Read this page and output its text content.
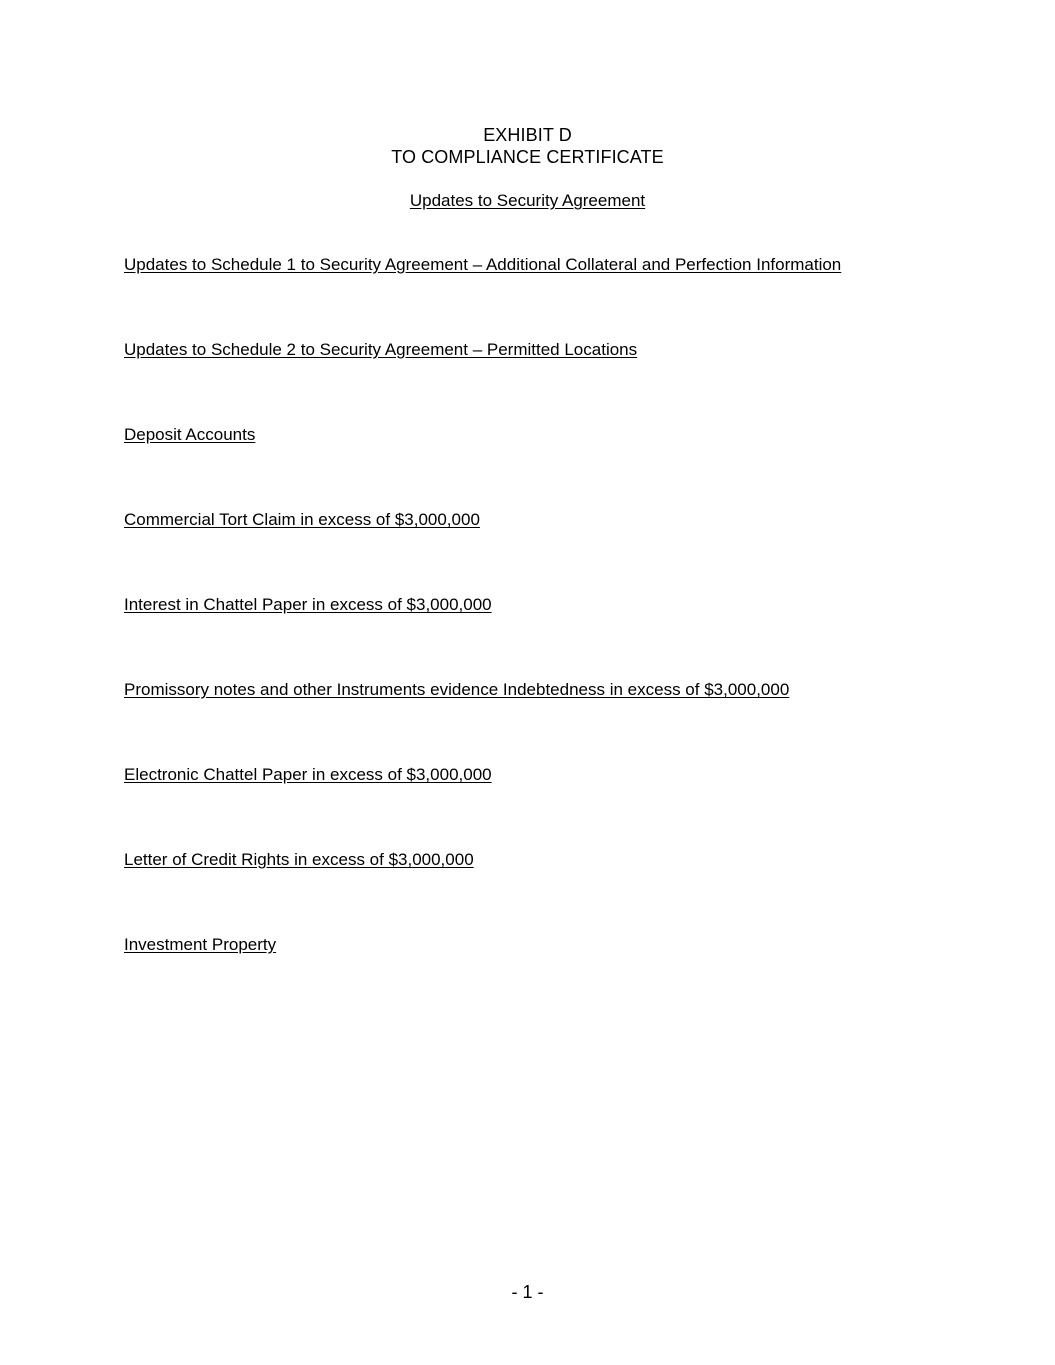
EXHIBIT D
TO COMPLIANCE CERTIFICATE
Updates to Security Agreement
Updates to Schedule 1 to Security Agreement – Additional Collateral and Perfection Information
Updates to Schedule 2 to Security Agreement – Permitted Locations
Deposit Accounts
Commercial Tort Claim in excess of $3,000,000
Interest in Chattel Paper in excess of $3,000,000
Promissory notes and other Instruments evidence Indebtedness in excess of $3,000,000
Electronic Chattel Paper in excess of $3,000,000
Letter of Credit Rights in excess of $3,000,000
Investment Property
- 1 -
